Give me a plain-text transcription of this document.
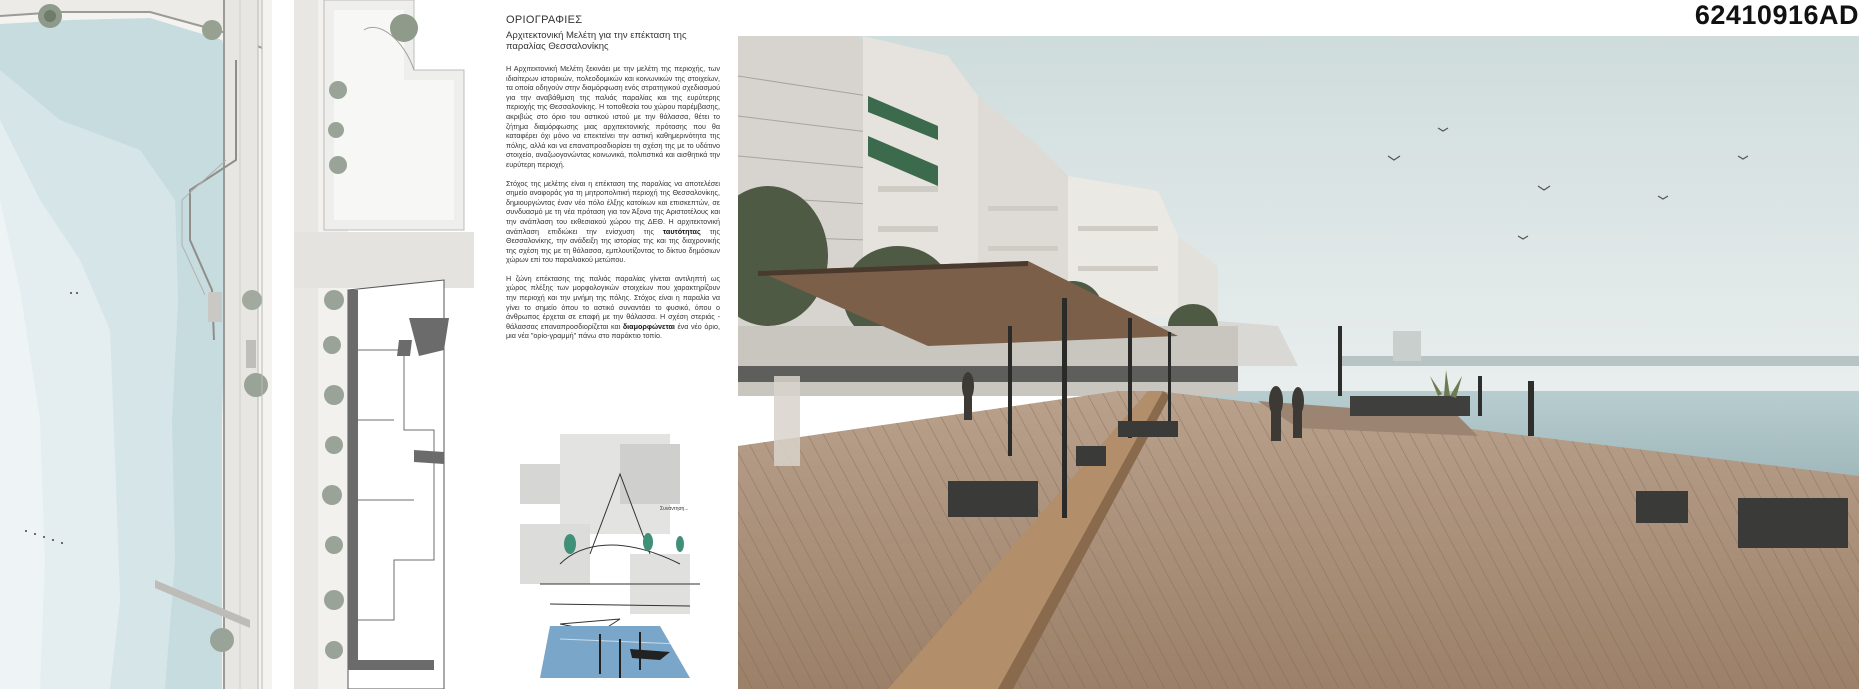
ΟΡΙΟΓΡΑΦΙΕΣ
Αρχιτεκτονική Μελέτη για την επέκταση της παραλίας Θεσσαλονίκης

Η Αρχιτεκτονική Μελέτη ξεκινάει με την μελέτη της περιοχής, των ιδιαίτερων ιστορικών, πολεοδομικών και κοινωνικών της στοιχείων, τα οποία οδηγούν στην διαμόρφωση ενός στρατηγικού σχεδιασμού για την αναβάθμιση της παλιάς παραλίας και της ευρύτερης περιοχής της Θεσσαλονίκης. Η τοποθεσία του χώρου παρέμβασης, ακριβώς στο όριο του αστικού ιστού με την θάλασσα, θέτει το ζήτημα διαμόρφωσης μιας αρχιτεκτονικής πρότασης που θα καταφέρει όχι μόνο να επεκτείνει την αστική καθημερινότητα της πόλης, αλλά και να επαναπροσδιορίσει τη σχέση της με το υδάτινο στοιχείο, αναζωογονώντας κοινωνικά, πολιτιστικά και αισθητικά την ευρύτερη περιοχή.

Στόχος της μελέτης είναι η επέκταση της παραλίας να αποτελέσει σημείο αναφοράς για τη μητροπολιτική περιοχή της Θεσσαλονίκης, δημιουργώντας έναν νέο πόλο έλξης κατοίκων και επισκεπτών, σε συνδυασμό με τη νέα πρόταση για τον Άξονα της Αριστοτέλους και την ανάπλαση του εκθεσιακού χώρου της ΔΕΘ. Η αρχιτεκτονική ανάπλαση επιδιώκει την ενίσχυση της ταυτότητας της Θεσσαλονίκης, την ανάδειξη της ιστορίας της και της διαχρονικής της σχέση της με τη θάλασσα, εμπλουτίζοντας το δίκτυο δημόσιων χώρων επί του παραλιακού μετώπου.

Η ζώνη επέκτασης της παλιάς παραλίας γίνεται αντιληπτή ως χώρος πλέξης των μορφολογικών στοιχείων που χαρακτηρίζουν την περιοχή και την μνήμη της πόλης. Στόχος είναι η παραλία να γίνει το σημείο όπου το αστικό συναντάει το φυσικό, όπου ο άνθρωπος έρχεται σε επαφή με την θάλασσα. Η σχέση στεριάς - θάλασσας επαναπροσδιορίζεται και διαμορφώνεται ένα νέο όριο, μια νέα "ορίο-γραμμή" πάνω στο παράκτιο τοπίο.

Συνάντηση...
62410916AD
